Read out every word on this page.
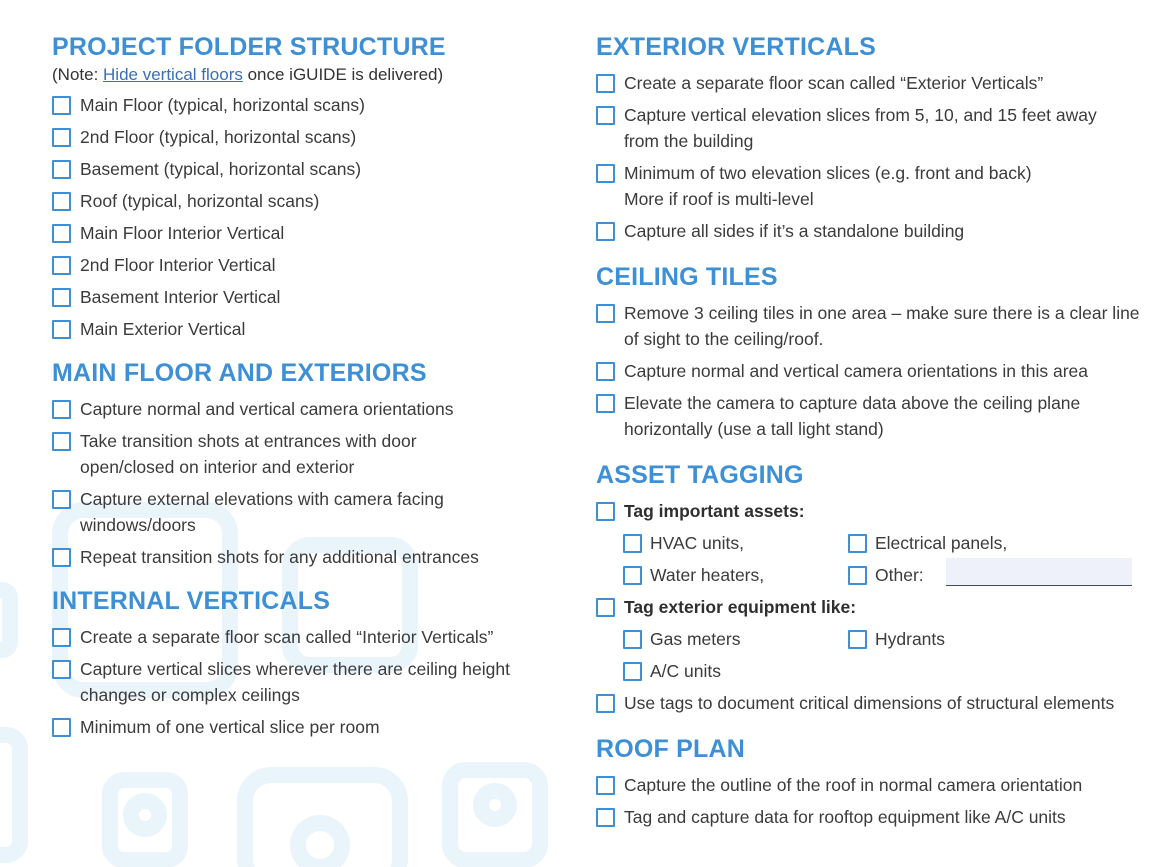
PROJECT FOLDER STRUCTURE

(Note: Hide vertical floors once iGUIDE is delivered)

Main Floor (typical, horizontal scans)
2nd Floor (typical, horizontal scans)
Basement (typical, horizontal scans)
Roof (typical, horizontal scans)
Main Floor Interior Vertical
2nd Floor Interior Vertical
Basement Interior Vertical
Main Exterior Vertical
MAIN FLOOR AND EXTERIORS
Capture normal and vertical camera orientations
Take transition shots at entrances with door open/closed on interior and exterior
Capture external elevations with camera facing windows/doors
Repeat transition shots for any additional entrances
INTERNAL VERTICALS
Create a separate floor scan called “Interior Verticals”
Capture vertical slices wherever there are ceiling height changes or complex ceilings
Minimum of one vertical slice per room
EXTERIOR VERTICALS
Create a separate floor scan called “Exterior Verticals”
Capture vertical elevation slices from 5, 10, and 15 feet away from the building
Minimum of two elevation slices (e.g. front and back)
More if roof is multi-level
Capture all sides if it’s a standalone building
CEILING TILES
Remove 3 ceiling tiles in one area – make sure there is a clear line of sight to the ceiling/roof.
Capture normal and vertical camera orientations in this area
Elevate the camera to capture data above the ceiling plane horizontally (use a tall light stand)
ASSET TAGGING
Tag important assets:
HVAC units,	Electrical panels,
Water heaters,	Other:
Tag exterior equipment like:
Gas meters	Hydrants
A/C units
Use tags to document critical dimensions of structural elements
ROOF PLAN
Capture the outline of the roof in normal camera orientation
Tag and capture data for rooftop equipment like A/C units
